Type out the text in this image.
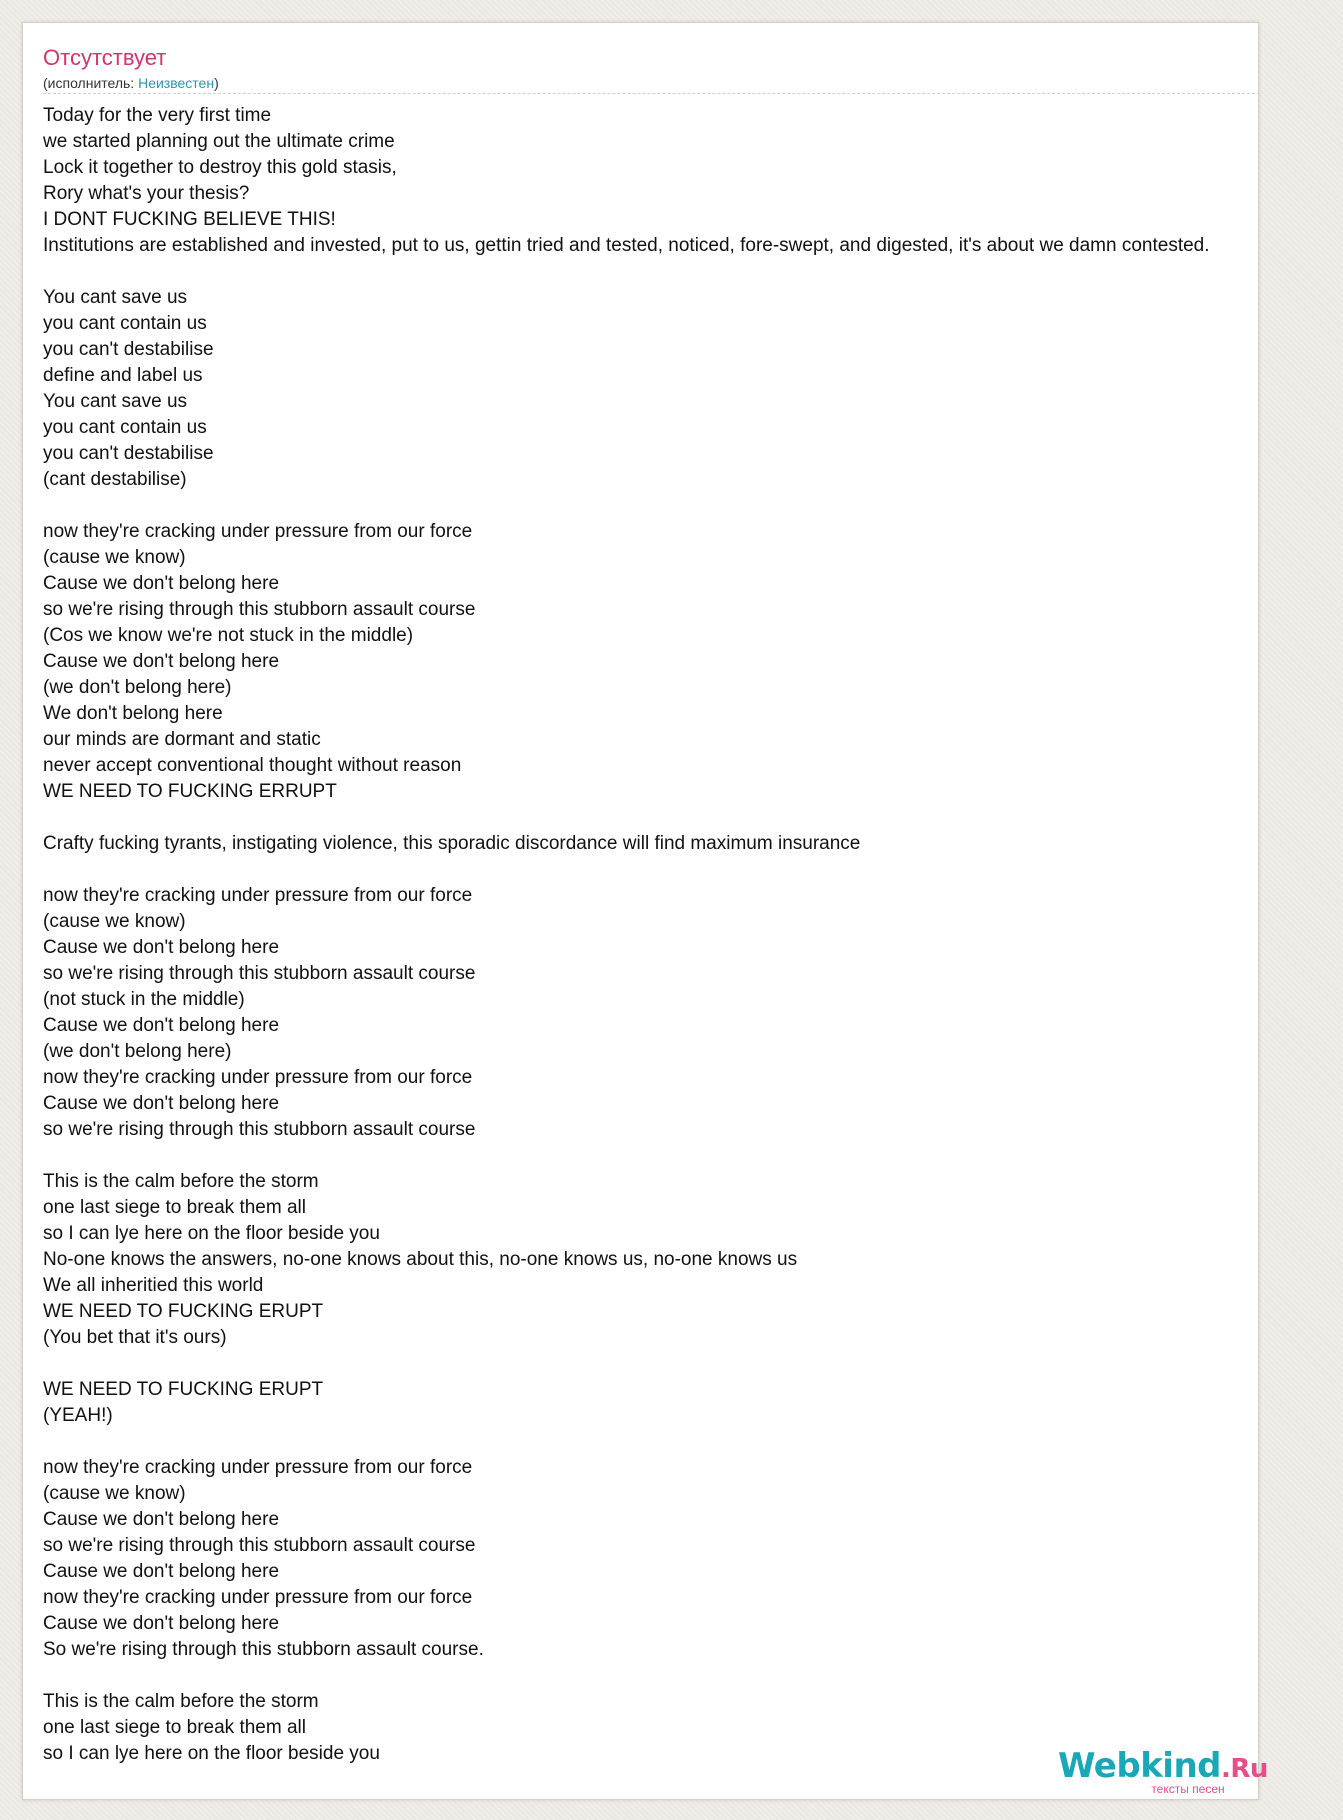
Отсутствует
(исполнитель: Неизвестен)
Today for the very first time
we started planning out the ultimate crime
Lock it together to destroy this gold stasis,
Rory what's your thesis?
I DONT FUCKING BELIEVE THIS!
Institutions are established and invested, put to us, gettin tried and tested, noticed, fore-swept, and digested, it's about we damn contested.
You cant save us
you cant contain us
you can't destabilise
define and label us
You cant save us
you cant contain us
you can't destabilise
(cant destabilise)
now they're cracking under pressure from our force
(cause we know)
Cause we don't belong here
so we're rising through this stubborn assault course
(Cos we know we're not stuck in the middle)
Cause we don't belong here
(we don't belong here)
We don't belong here
our minds are dormant and static
never accept conventional thought without reason
WE NEED TO FUCKING ERRUPT
Crafty fucking tyrants, instigating violence, this sporadic discordance will find maximum insurance
now they're cracking under pressure from our force
(cause we know)
Cause we don't belong here
so we're rising through this stubborn assault course
(not stuck in the middle)
Cause we don't belong here
(we don't belong here)
now they're cracking under pressure from our force
Cause we don't belong here
so we're rising through this stubborn assault course
This is the calm before the storm
one last siege to break them all
so I can lye here on the floor beside you
No-one knows the answers, no-one knows about this, no-one knows us, no-one knows us
We all inheritied this world
WE NEED TO FUCKING ERUPT
(You bet that it's ours)
WE NEED TO FUCKING ERUPT
(YEAH!)
now they're cracking under pressure from our force
(cause we know)
Cause we don't belong here
so we're rising through this stubborn assault course
Cause we don't belong here
now they're cracking under pressure from our force
Cause we don't belong here
So we're rising through this stubborn assault course.
This is the calm before the storm
one last siege to break them all
so I can lye here on the floor beside you	Webkind.Ru
тексты песен
